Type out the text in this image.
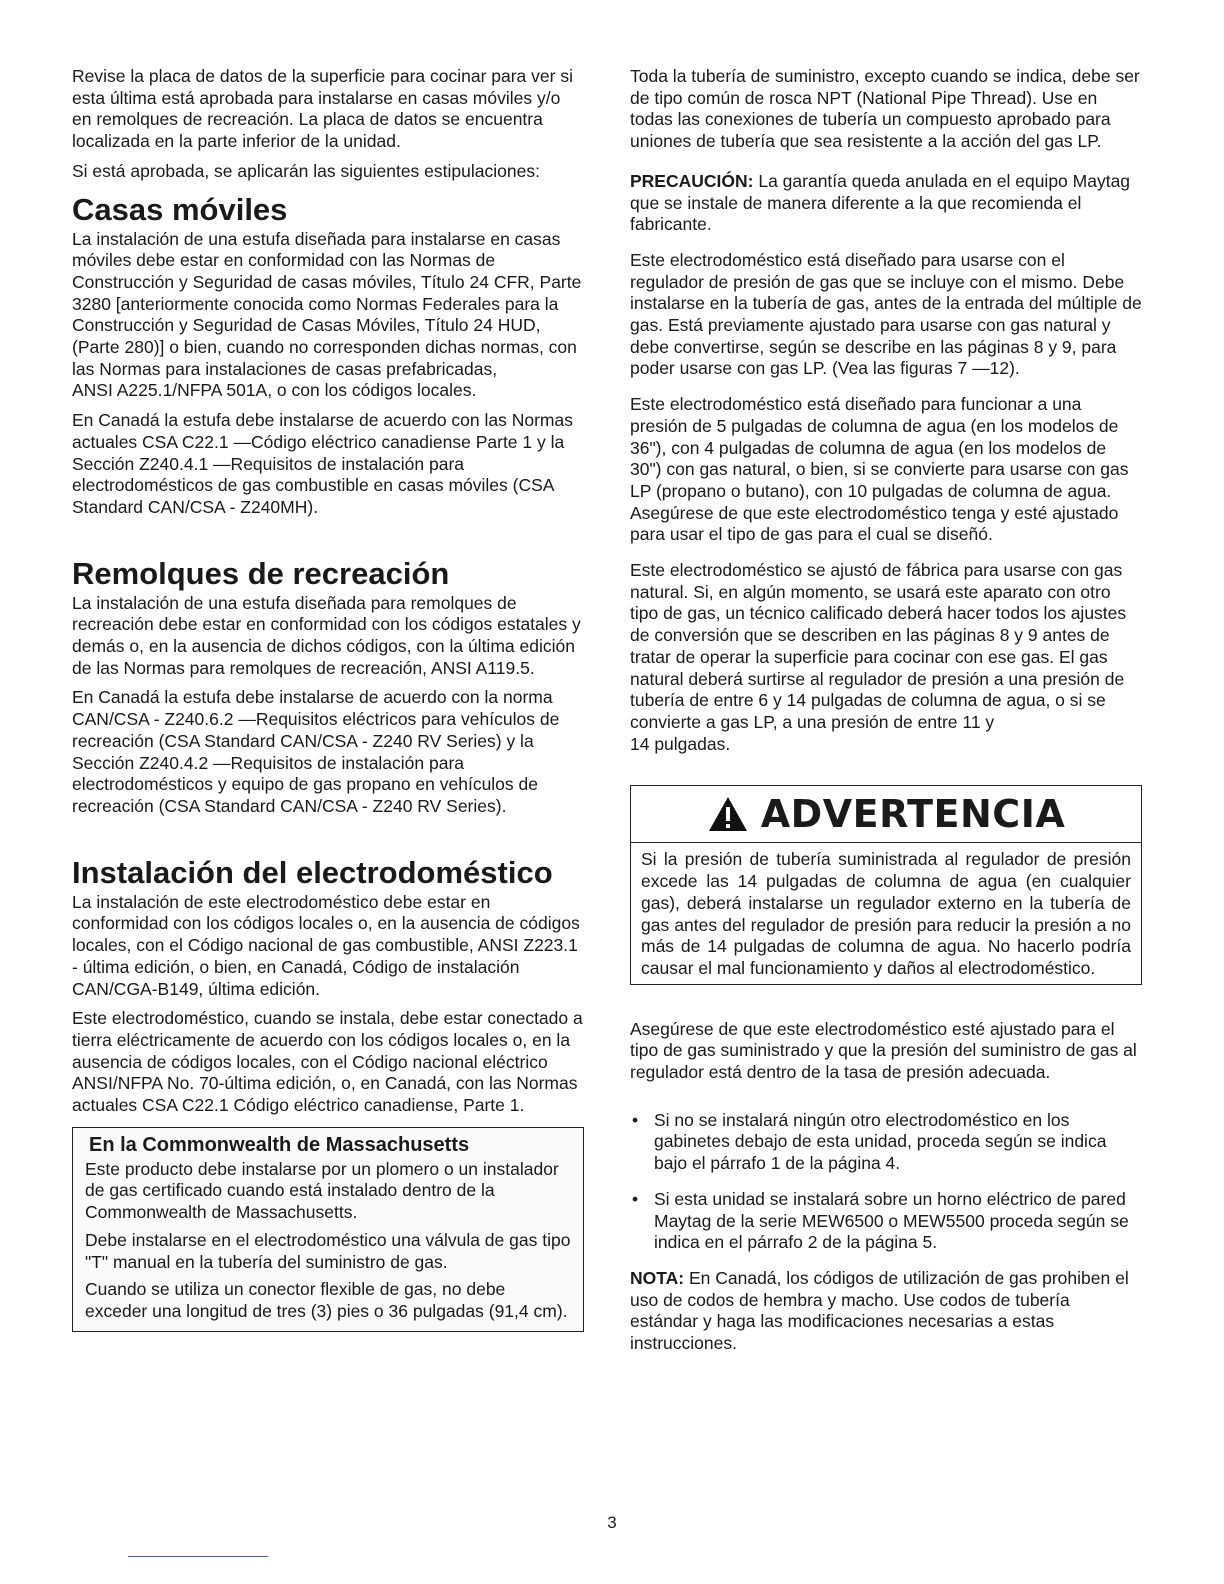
Revise la placa de datos de la superficie para cocinar para ver si esta última está aprobada para instalarse en casas móviles y/o en remolques de recreación. La placa de datos se encuentra localizada en la parte inferior de la unidad.

Si está aprobada, se aplicarán las siguientes estipulaciones:

Casas móviles

La instalación de una estufa diseñada para instalarse en casas móviles debe estar en conformidad con las Normas de Construcción y Seguridad de casas móviles, Título 24 CFR, Parte 3280 [anteriormente conocida como Normas Federales para la Construcción y Seguridad de Casas Móviles, Título 24 HUD, (Parte 280)] o bien, cuando no corresponden dichas normas, con las Normas para instalaciones de casas prefabricadas,

ANSI A225.1/NFPA 501A, o con los códigos locales.

En Canadá la estufa debe instalarse de acuerdo con las Normas actuales CSA C22.1 —Código eléctrico canadiense Parte 1 y la Sección Z240.4.1 —Requisitos de instalación para electrodomésticos de gas combustible en casas móviles (CSA Standard CAN/CSA - Z240MH).

Remolques de recreación

La instalación de una estufa diseñada para remolques de recreación debe estar en conformidad con los códigos estatales y demás o, en la ausencia de dichos códigos, con la última edición de las Normas para remolques de recreación, ANSI A119.5.

En Canadá la estufa debe instalarse de acuerdo con la norma CAN/CSA - Z240.6.2 —Requisitos eléctricos para vehículos de recreación (CSA Standard CAN/CSA - Z240 RV Series) y la Sección Z240.4.2 —Requisitos de instalación para electrodomésticos y equipo de gas propano en vehículos de recreación (CSA Standard CAN/CSA - Z240 RV Series).

Instalación del electrodoméstico

La instalación de este electrodoméstico debe estar en conformidad con los códigos locales o, en la ausencia de códigos locales, con el Código nacional de gas combustible, ANSI Z223.1 - última edición, o bien, en Canadá, Código de instalación CAN/CGA-B149, última edición.

Este electrodoméstico, cuando se instala, debe estar conectado a tierra eléctricamente de acuerdo con los códigos locales o, en la ausencia de códigos locales, con el Código nacional eléctrico ANSI/NFPA No. 70-última edición, o, en Canadá, con las Normas actuales CSA C22.1 Código eléctrico canadiense, Parte 1.

En la Commonwealth de Massachusetts

Este producto debe instalarse por un plomero o un instalador de gas certificado cuando está instalado dentro de la Commonwealth de Massachusetts.

Debe instalarse en el electrodoméstico una válvula de gas tipo "T" manual en la tubería del suministro de gas.

Cuando se utiliza un conector flexible de gas, no debe exceder una longitud de tres (3) pies o 36 pulgadas (91,4 cm).

Toda la tubería de suministro, excepto cuando se indica, debe ser de tipo común de rosca NPT (National Pipe Thread). Use en todas las conexiones de tubería un compuesto aprobado para uniones de tubería que sea resistente a la acción del gas LP.

PRECAUCIÓN: La garantía queda anulada en el equipo Maytag que se instale de manera diferente a la que recomienda el fabricante.

Este electrodoméstico está diseñado para usarse con el regulador de presión de gas que se incluye con el mismo. Debe instalarse en la tubería de gas, antes de la entrada del múltiple de gas. Está previamente ajustado para usarse con gas natural y debe convertirse, según se describe en las páginas 8 y 9, para poder usarse con gas LP. (Vea las figuras 7 —12).

Este electrodoméstico está diseñado para funcionar a una presión de 5 pulgadas de columna de agua (en los modelos de 36"), con 4 pulgadas de columna de agua (en los modelos de 30") con gas natural, o bien, si se convierte para usarse con gas LP (propano o butano), con 10 pulgadas de columna de agua. Asegúrese de que este electrodoméstico tenga y esté ajustado para usar el tipo de gas para el cual se diseñó.

Este electrodoméstico se ajustó de fábrica para usarse con gas natural. Si, en algún momento, se usará este aparato con otro tipo de gas, un técnico calificado deberá hacer todos los ajustes de conversión que se describen en las páginas 8 y 9 antes de tratar de operar la superficie para cocinar con ese gas. El gas natural deberá surtirse al regulador de presión a una presión de tubería de entre 6 y 14 pulgadas de columna de agua, o si se convierte a gas LP, a una presión de entre 11 y

14 pulgadas.

ADVERTENCIA

Si la presión de tubería suministrada al regulador de presión excede las 14 pulgadas de columna de agua (en cualquier gas), deberá instalarse un regulador externo en la tubería de gas antes del regulador de presión para reducir la presión a no más de 14 pulgadas de columna de agua. No hacerlo podría causar el mal funcionamiento y daños al electrodoméstico.

Asegúrese de que este electrodoméstico esté ajustado para el tipo de gas suministrado y que la presión del suministro de gas al regulador está dentro de la tasa de presión adecuada.

• Si no se instalará ningún otro electrodoméstico en los gabinetes debajo de esta unidad, proceda según se indica bajo el párrafo 1 de la página 4.
• Si esta unidad se instalará sobre un horno eléctrico de pared Maytag de la serie MEW6500 o MEW5500 proceda según se indica en el párrafo 2 de la página 5.

NOTA: En Canadá, los códigos de utilización de gas prohiben el uso de codos de hembra y macho. Use codos de tubería estándar y haga las modificaciones necesarias a estas instrucciones.

3
